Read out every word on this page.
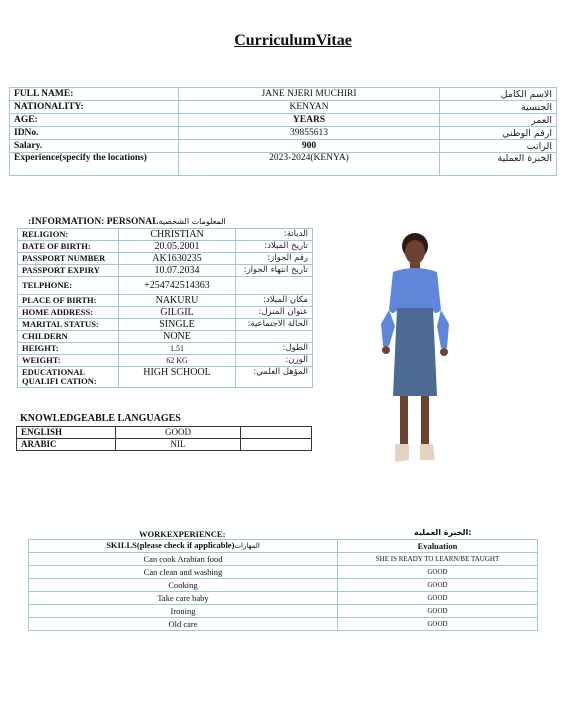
CurriculumVitae
FULL NAME:	JANE NJERI MUCHIRI	الاسم الكامل
NATIONALITY:	KENYAN	الجنسية
AGE:	YEARS	العمر
IDNo.	39855613	ارقم الوطني
Salary.	900	الراتب
Experience(specify the locations)	2023-2024(KENYA)	الخبرة العملية
:INFORMATION: PERSONALالمعلومات الشخصية
RELIGION:	CHRISTIAN	:الديانة
DATE OF BIRTH:	20.05.2001	:تاريخ الميلاد
PASSPORT NUMBER	AK1630235	:رقم الجواز
PASSPORT EXPIRY	10.07.2034	:تاريخ انتهاء الجواز
TELPHONE:	+254742514363	
PLACE OF BIRTH:	NAKURU	:مكان الميلاد
HOME ADDRESS:	GILGIL	:عنوان المنزل
MARITAL STATUS:	SINGLE	:الحالة الاجتماعية
CHILDERN	NONE	
HEIGHT:	1.51	:الطول
WEIGHT:	62 KG	:الوزن
EDUCATIONAL QUALIFI CATION:	HIGH SCHOOL	:المؤهل العلمي
KNOWLEDGEABLE LANGUAGES
ENGLISH	GOOD	
ARABIC	NIL	
WORKEXPERIENCE:	الخبرة العملية:
SKILLS(please check if applicable)المهارات	Evaluation
Can cook Arabian food	SHE IS READY TO LEARN/BE TAUGHT
Can clean and washing	GOOD
Cooking	GOOD
Take care baby	GOOD
Ironing	GOOD
Old care	GOOD
